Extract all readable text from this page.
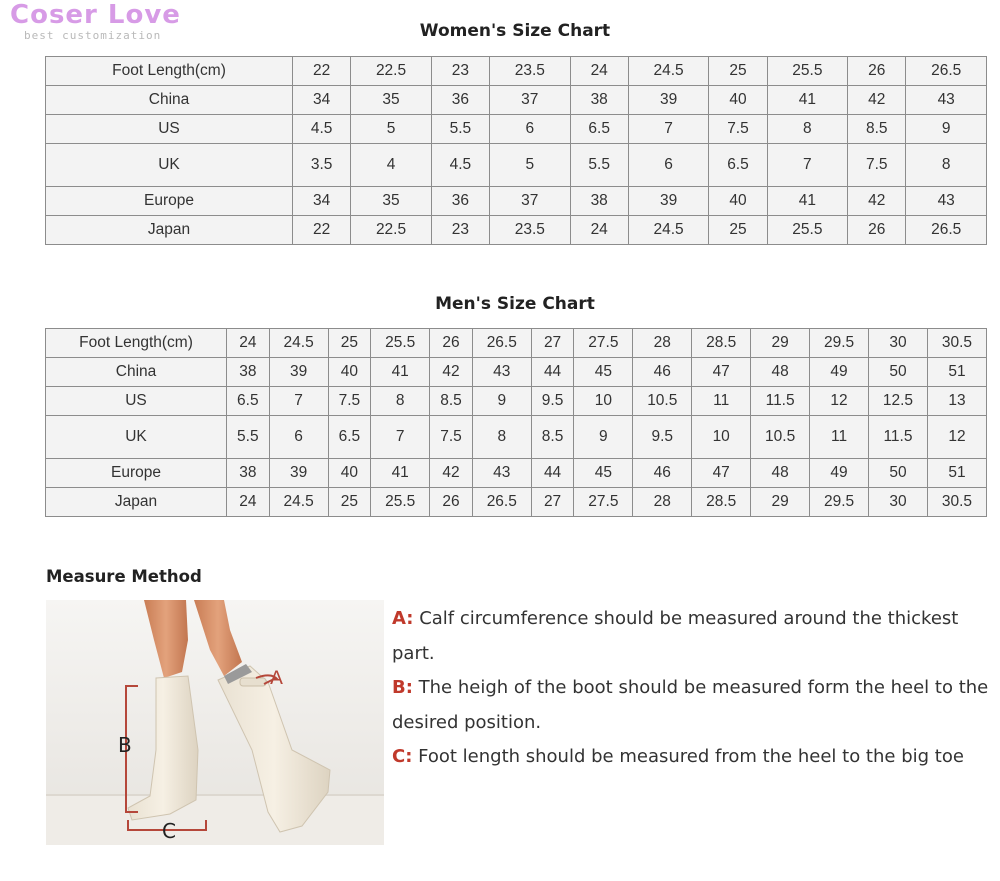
Coser Love
best customization	Women's Size Chart
Foot Length(cm)	22	22.5	23	23.5	24	24.5	25	25.5	26	26.5
China	34	35	36	37	38	39	40	41	42	43
US	4.5	5	5.5	6	6.5	7	7.5	8	8.5	9
UK	3.5	4	4.5	5	5.5	6	6.5	7	7.5	8
Europe	34	35	36	37	38	39	40	41	42	43
Japan	22	22.5	23	23.5	24	24.5	25	25.5	26	26.5
Men's Size Chart
Foot Length(cm)	24	24.5	25	25.5	26	26.5	27	27.5	28	28.5	29	29.5	30	30.5
China	38	39	40	41	42	43	44	45	46	47	48	49	50	51
US	6.5	7	7.5	8	8.5	9	9.5	10	10.5	11	11.5	12	12.5	13
UK	5.5	6	6.5	7	7.5	8	8.5	9	9.5	10	10.5	11	11.5	12
Europe	38	39	40	41	42	43	44	45	46	47	48	49	50	51
Japan	24	24.5	25	25.5	26	26.5	27	27.5	28	28.5	29	29.5	30	30.5
Measure Method
A
B
C
A: Calf circumference should be measured around the thickest part.
B: The heigh of the boot should be measured form the heel to the desired position.
C: Foot length should be measured from the heel to the big toe
